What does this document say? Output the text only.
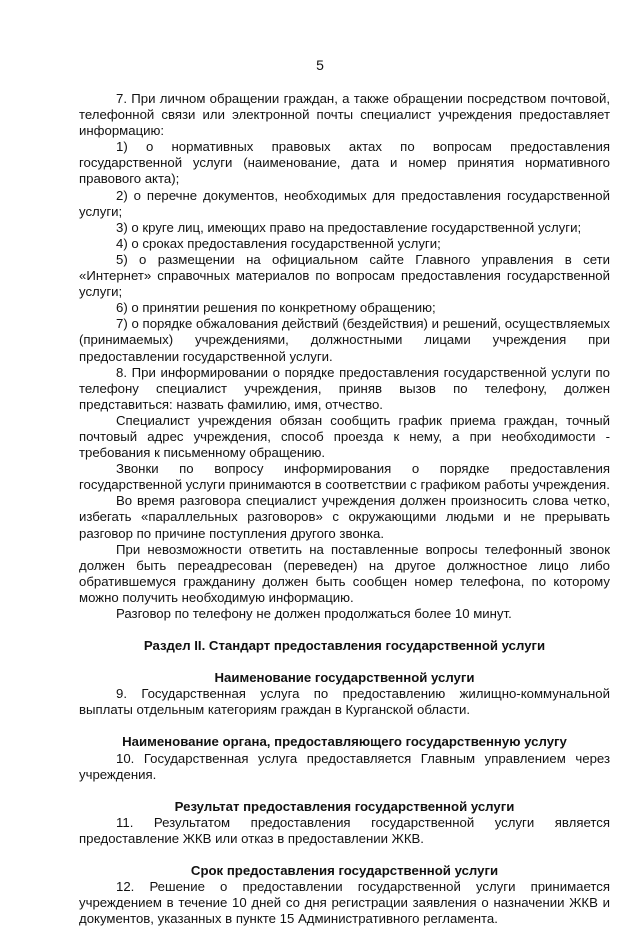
5

7. При личном обращении граждан, а также обращении посредством почтовой, телефонной связи или электронной почты специалист учреждения предоставляет информацию:

1) о нормативных правовых актах по вопросам предоставления государственной услуги (наименование, дата и номер принятия нормативного правового акта);

2) о перечне документов, необходимых для предоставления государственной услуги;

3) о круге лиц, имеющих право на предоставление государственной услуги;

4) о сроках предоставления государственной услуги;

5) о размещении на официальном сайте Главного управления в сети «Интернет» справочных материалов по вопросам предоставления государственной услуги;

6) о принятии решения по конкретному обращению;

7) о порядке обжалования действий (бездействия) и решений, осуществляемых (принимаемых) учреждениями, должностными лицами учреждения при предоставлении государственной услуги.

8. При информировании о порядке предоставления государственной услуги по телефону специалист учреждения, приняв вызов по телефону, должен представиться: назвать фамилию, имя, отчество.

Специалист учреждения обязан сообщить график приема граждан, точный почтовый адрес учреждения, способ проезда к нему, а при необходимости - требования к письменному обращению.

Звонки по вопросу информирования о порядке предоставления государственной услуги принимаются в соответствии с графиком работы учреждения.

Во время разговора специалист учреждения должен произносить слова четко, избегать «параллельных разговоров» с окружающими людьми и не прерывать разговор по причине поступления другого звонка.

При невозможности ответить на поставленные вопросы телефонный звонок должен быть переадресован (переведен) на другое должностное лицо либо обратившемуся гражданину должен быть сообщен номер телефона, по которому можно получить необходимую информацию.

Разговор по телефону не должен продолжаться более 10 минут.

Раздел II. Стандарт предоставления государственной услуги

Наименование государственной услуги

9. Государственная услуга по предоставлению жилищно-коммунальной выплаты отдельным категориям граждан в Курганской области.

Наименование органа, предоставляющего государственную услугу

10. Государственная услуга предоставляется Главным управлением через учреждения.

Результат предоставления государственной услуги

11. Результатом предоставления государственной услуги является предоставление ЖКВ или отказ в предоставлении ЖКВ.

Срок предоставления государственной услуги

12. Решение о предоставлении государственной услуги принимается учреждением в течение 10 дней со дня регистрации заявления о назначении ЖКВ и документов, указанных в пункте 15 Административного регламента.
